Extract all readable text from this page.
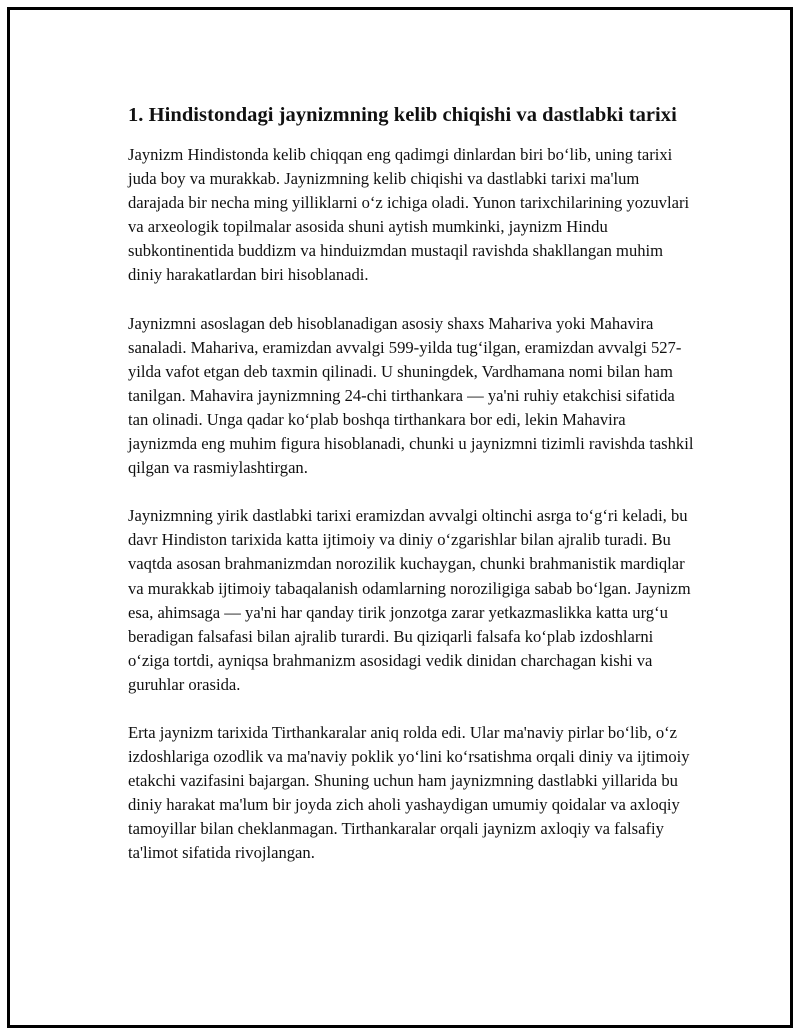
1. Hindistondagi jaynizmning kelib chiqishi va dastlabki tarixi

Jaynizm Hindistonda kelib chiqqan eng qadimgi dinlardan biri bo‘lib, uning tarixi juda boy va murakkab. Jaynizmning kelib chiqishi va dastlabki tarixi ma'lum darajada bir necha ming yilliklarni o‘z ichiga oladi. Yunon tarixchilarining yozuvlari va arxeologik topilmalar asosida shuni aytish mumkinki, jaynizm Hindu subkontinentida buddizm va hinduizmdan mustaqil ravishda shakllangan muhim diniy harakatlardan biri hisoblanadi.

Jaynizmni asoslagan deb hisoblanadigan asosiy shaxs Mahariva yoki Mahavira sanaladi. Mahariva, eramizdan avvalgi 599-yilda tug‘ilgan, eramizdan avvalgi 527-yilda vafot etgan deb taxmin qilinadi. U shuningdek, Vardhamana nomi bilan ham tanilgan. Mahavira jaynizmning 24-chi tirthankara — ya'ni ruhiy etakchisi sifatida tan olinadi. Unga qadar ko‘plab boshqa tirthankara bor edi, lekin Mahavira jaynizmda eng muhim figura hisoblanadi, chunki u jaynizmni tizimli ravishda tashkil qilgan va rasmiylashtirgan.

Jaynizmning yirik dastlabki tarixi eramizdan avvalgi oltinchi asrga to‘g‘ri keladi, bu davr Hindiston tarixida katta ijtimoiy va diniy o‘zgarishlar bilan ajralib turadi. Bu vaqtda asosan brahmanizmdan norozilik kuchaygan, chunki brahmanistik mardiqlar va murakkab ijtimoiy tabaqalanish odamlarning noroziligiga sabab bo‘lgan. Jaynizm esa, ahimsaga — ya'ni har qanday tirik jonzotga zarar yetkazmaslikka katta urg‘u beradigan falsafasi bilan ajralib turardi. Bu qiziqarli falsafa ko‘plab izdoshlarni o‘ziga tortdi, ayniqsa brahmanizm asosidagi vedik dinidan charchagan kishi va guruhlar orasida.

Erta jaynizm tarixida Tirthankaralar aniq rolda edi. Ular ma'naviy pirlar bo‘lib, o‘z izdoshlariga ozodlik va ma'naviy poklik yo‘lini ko‘rsatishma orqali diniy va ijtimoiy etakchi vazifasini bajargan. Shuning uchun ham jaynizmning dastlabki yillarida bu diniy harakat ma'lum bir joyda zich aholi yashaydigan umumiy qoidalar va axloqiy tamoyillar bilan cheklanmagan. Tirthankaralar orqali jaynizm axloqiy va falsafiy ta'limot sifatida rivojlangan.
